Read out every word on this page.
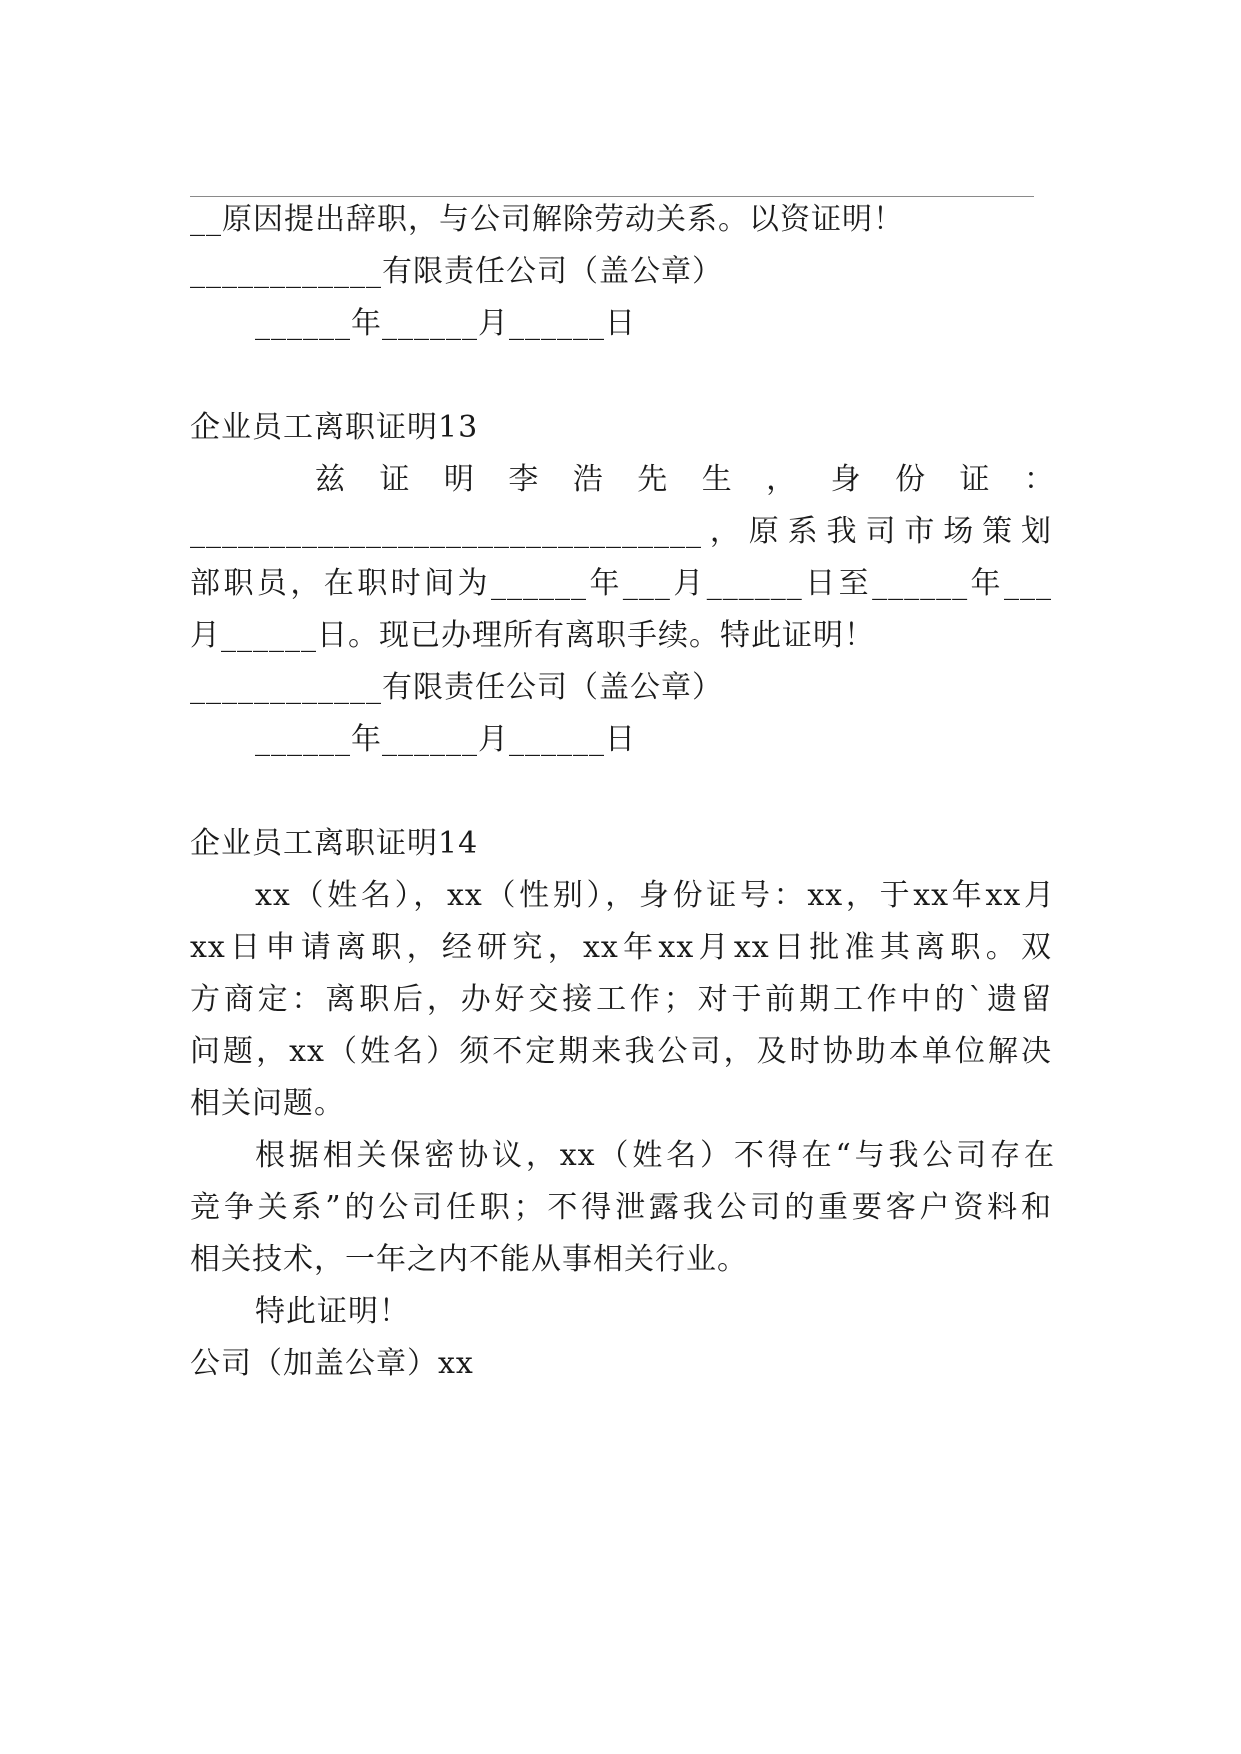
__原因提出辞职，与公司解除劳动关系。以资证明！
____________有限责任公司（盖公章）
______年______月______日
企业员工离职证明13
兹 证 明 李 浩 先 生 ， 身 份 证 ：
________________________________，原系我司市场策划
部职员，在职时间为______年___月______日至______年___
月______日。现已办理所有离职手续。特此证明！
____________有限责任公司（盖公章）
______年______月______日
企业员工离职证明14
xx（姓名），xx（性别），身份证号：xx，于xx年xx月
xx日申请离职，经研究，xx年xx月xx日批准其离职。双
方商定：离职后，办好交接工作；对于前期工作中的`遗留
问题，xx（姓名）须不定期来我公司，及时协助本单位解决
相关问题。
根据相关保密协议，xx（姓名）不得在“与我公司存在
竞争关系”的公司任职；不得泄露我公司的重要客户资料和
相关技术，一年之内不能从事相关行业。
特此证明！
公司（加盖公章）xx
